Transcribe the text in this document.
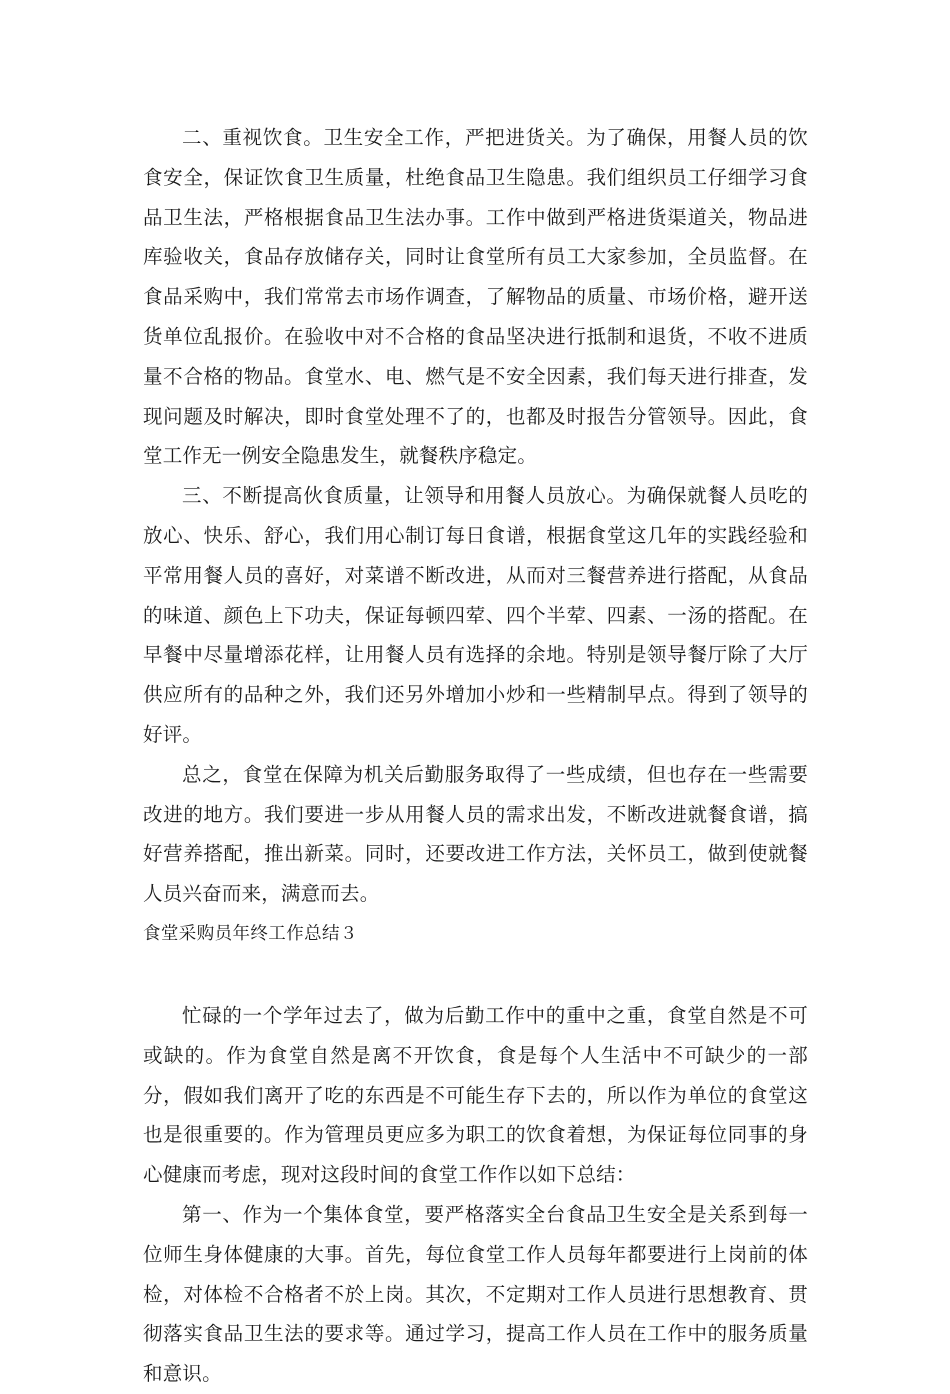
二、重视饮食。卫生安全工作，严把进货关。为了确保，用餐人员的饮食安全，保证饮食卫生质量，杜绝食品卫生隐患。我们组织员工仔细学习食品卫生法，严格根据食品卫生法办事。工作中做到严格进货渠道关，物品进库验收关，食品存放储存关，同时让食堂所有员工大家参加，全员监督。在食品采购中，我们常常去市场作调查，了解物品的质量、市场价格，避开送货单位乱报价。在验收中对不合格的食品坚决进行抵制和退货，不收不进质量不合格的物品。食堂水、电、燃气是不安全因素，我们每天进行排查，发现问题及时解决，即时食堂处理不了的，也都及时报告分管领导。因此，食堂工作无一例安全隐患发生，就餐秩序稳定。

三、不断提高伙食质量，让领导和用餐人员放心。为确保就餐人员吃的放心、快乐、舒心，我们用心制订每日食谱，根据食堂这几年的实践经验和平常用餐人员的喜好，对菜谱不断改进，从而对三餐营养进行搭配，从食品的味道、颜色上下功夫，保证每顿四荤、四个半荤、四素、一汤的搭配。在早餐中尽量增添花样，让用餐人员有选择的余地。特别是领导餐厅除了大厅供应所有的品种之外，我们还另外增加小炒和一些精制早点。得到了领导的好评。

总之，食堂在保障为机关后勤服务取得了一些成绩，但也存在一些需要改进的地方。我们要进一步从用餐人员的需求出发，不断改进就餐食谱，搞好营养搭配，推出新菜。同时，还要改进工作方法，关怀员工，做到使就餐人员兴奋而来，满意而去。

食堂采购员年终工作总结３

忙碌的一个学年过去了，做为后勤工作中的重中之重，食堂自然是不可或缺的。作为食堂自然是离不开饮食，食是每个人生活中不可缺少的一部分，假如我们离开了吃的东西是不可能生存下去的，所以作为单位的食堂这也是很重要的。作为管理员更应多为职工的饮食着想，为保证每位同事的身心健康而考虑，现对这段时间的食堂工作作以如下总结：

第一、作为一个集体食堂，要严格落实全台食品卫生安全是关系到每一位师生身体健康的大事。首先，每位食堂工作人员每年都要进行上岗前的体检，对体检不合格者不於上岗。其次，不定期对工作人员进行思想教育、贯彻落实食品卫生法的要求等。通过学习，提高工作人员在工作中的服务质量和意识。
